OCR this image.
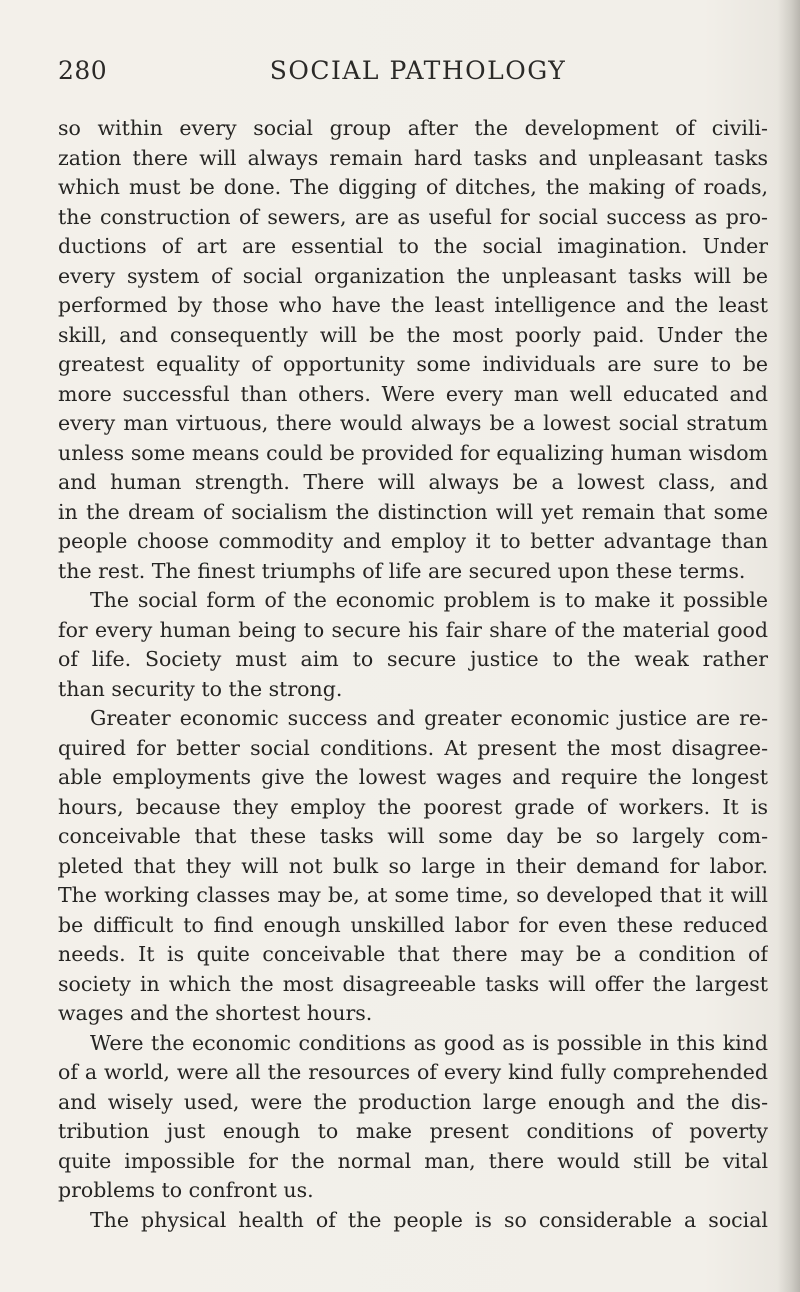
280	SOCIAL PATHOLOGY
so within every social group after the development of civili-
zation there will always remain hard tasks and unpleasant tasks
which must be done. The digging of ditches, the making of roads,
the construction of sewers, are as useful for social success as pro-
ductions of art are essential to the social imagination. Under
every system of social organization the unpleasant tasks will be
performed by those who have the least intelligence and the least
skill, and consequently will be the most poorly paid. Under the
greatest equality of opportunity some individuals are sure to be
more successful than others. Were every man well educated and
every man virtuous, there would always be a lowest social stratum
unless some means could be provided for equalizing human wisdom
and human strength. There will always be a lowest class, and
in the dream of socialism the distinction will yet remain that some
people choose commodity and employ it to better advantage than
the rest. The finest triumphs of life are secured upon these terms.
The social form of the economic problem is to make it possible
for every human being to secure his fair share of the material good
of life. Society must aim to secure justice to the weak rather
than security to the strong.
Greater economic success and greater economic justice are re-
quired for better social conditions. At present the most disagree-
able employments give the lowest wages and require the longest
hours, because they employ the poorest grade of workers. It is
conceivable that these tasks will some day be so largely com-
pleted that they will not bulk so large in their demand for labor.
The working classes may be, at some time, so developed that it will
be difficult to find enough unskilled labor for even these reduced
needs. It is quite conceivable that there may be a condition of
society in which the most disagreeable tasks will offer the largest
wages and the shortest hours.
Were the economic conditions as good as is possible in this kind
of a world, were all the resources of every kind fully comprehended
and wisely used, were the production large enough and the dis-
tribution just enough to make present conditions of poverty
quite impossible for the normal man, there would still be vital
problems to confront us.
The physical health of the people is so considerable a social
